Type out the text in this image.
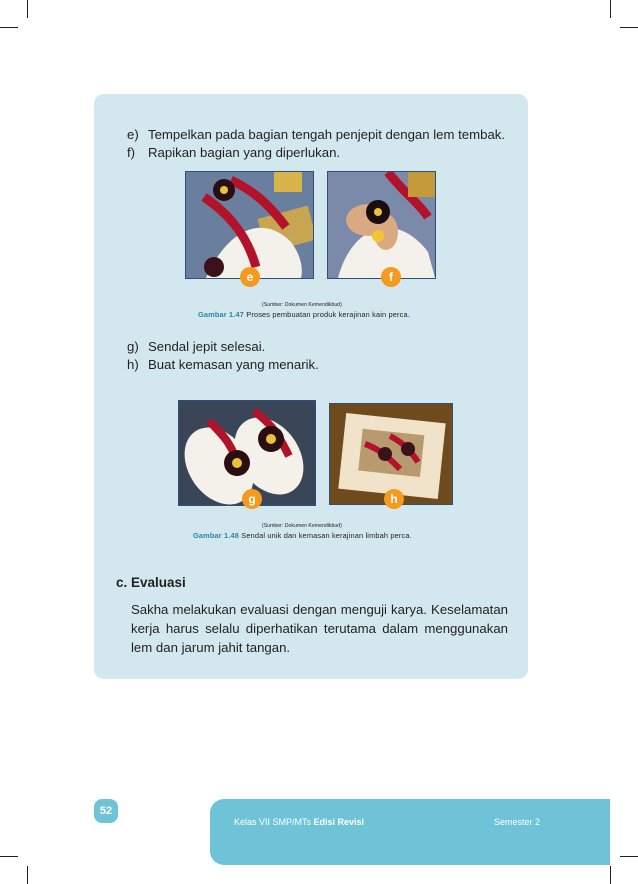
e) Tempelkan pada bagian tengah penjepit dengan lem tembak.
f) Rapikan bagian yang diperlukan.
e	f
(Sumber: Dokumen Kemendikbud)
Gambar 1.47 Proses pembuatan produk kerajinan kain perca.
g) Sendal jepit selesai.
h) Buat kemasan yang menarik.
g	h
(Sumber: Dokumen Kemendikbud)
Gambar 1.48 Sendal unik dan kemasan kerajinan limbah perca.
c. Evaluasi
Sakha melakukan evaluasi dengan menguji karya. Keselamatan kerja harus selalu diperhatikan terutama dalam menggunakan lem dan jarum jahit tangan.
52
Kelas VII SMP/MTs Edisi Revisi	Semester 2
